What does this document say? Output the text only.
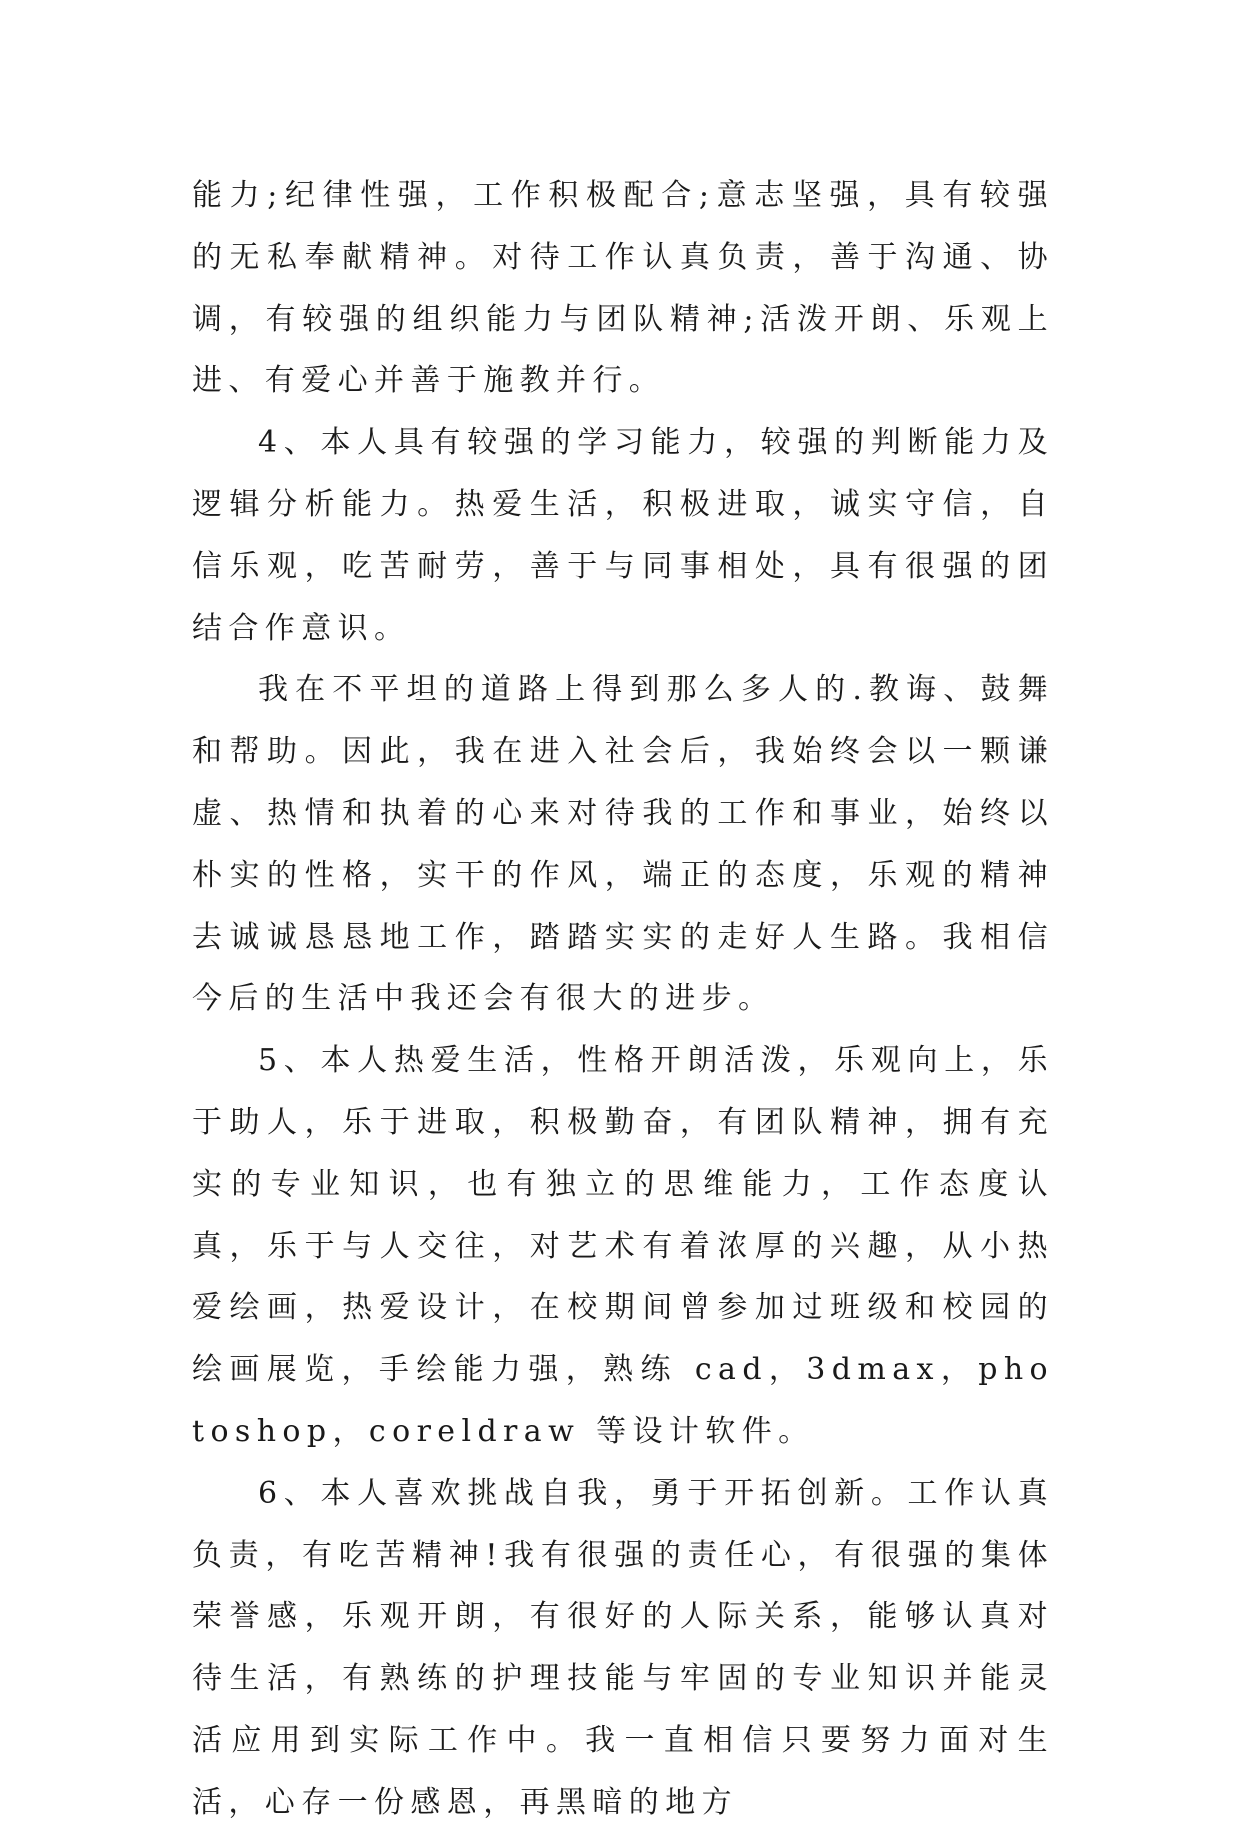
能力;纪律性强，工作积极配合;意志坚强，具有较强的无私奉献精神。对待工作认真负责，善于沟通、协调，有较强的组织能力与团队精神;活泼开朗、乐观上进、有爱心并善于施教并行。

4、本人具有较强的学习能力，较强的判断能力及逻辑分析能力。热爱生活，积极进取，诚实守信，自信乐观，吃苦耐劳，善于与同事相处，具有很强的团结合作意识。

我在不平坦的道路上得到那么多人的.教诲、鼓舞和帮助。因此，我在进入社会后，我始终会以一颗谦虚、热情和执着的心来对待我的工作和事业，始终以朴实的性格，实干的作风，端正的态度，乐观的精神去诚诚恳恳地工作，踏踏实实的走好人生路。我相信今后的生活中我还会有很大的进步。

5、本人热爱生活，性格开朗活泼，乐观向上，乐于助人，乐于进取，积极勤奋，有团队精神，拥有充实的专业知识，也有独立的思维能力，工作态度认真，乐于与人交往，对艺术有着浓厚的兴趣，从小热爱绘画，热爱设计，在校期间曾参加过班级和校园的绘画展览，手绘能力强，熟练 cad，3dmax，photoshop，coreldraw 等设计软件。

6、本人喜欢挑战自我，勇于开拓创新。工作认真负责，有吃苦精神!我有很强的责任心，有很强的集体荣誉感，乐观开朗，有很好的人际关系，能够认真对待生活，有熟练的护理技能与牢固的专业知识并能灵活应用到实际工作中。我一直相信只要努力面对生活，心存一份感恩，再黑暗的地方
